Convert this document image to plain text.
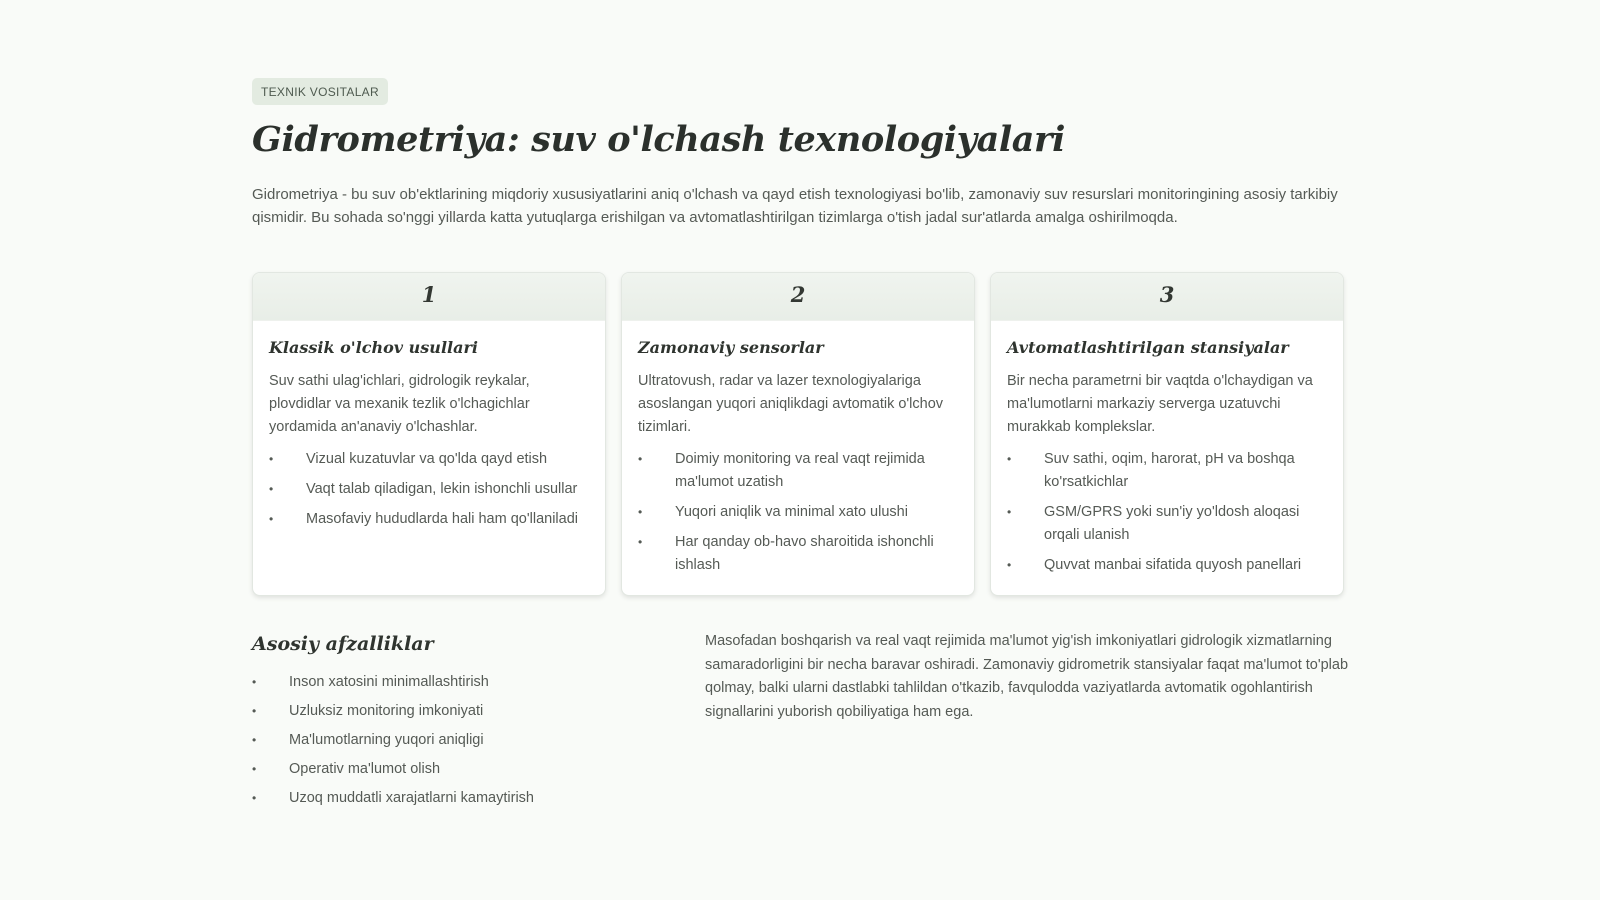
TEXNIK VOSITALAR
Gidrometriya: suv o'lchash texnologiyalari

Gidrometriya - bu suv ob'ektlarining miqdoriy xususiyatlarini aniq o'lchash va qayd etish texnologiyasi bo'lib, zamonaviy suv resurslari monitoringining asosiy tarkibiy qismidir. Bu sohada so'nggi yillarda katta yutuqlarga erishilgan va avtomatlashtirilgan tizimlarga o'tish jadal sur'atlarda amalga oshirilmoqda.

1
Klassik o'lchov usullari
Suv sathi ulag'ichlari, gidrologik reykalar, plovdidlar va mexanik tezlik o'lchagichlar yordamida an'anaviy o'lchashlar.
• Vizual kuzatuvlar va qo'lda qayd etish
• Vaqt talab qiladigan, lekin ishonchli usullar
• Masofaviy hududlarda hali ham qo'llaniladi
2
Zamonaviy sensorlar
Ultratovush, radar va lazer texnologiyalariga asoslangan yuqori aniqlikdagi avtomatik o'lchov tizimlari.
• Doimiy monitoring va real vaqt rejimida ma'lumot uzatish
• Yuqori aniqlik va minimal xato ulushi
• Har qanday ob-havo sharoitida ishonchli ishlash
3
Avtomatlashtirilgan stansiyalar
Bir necha parametrni bir vaqtda o'lchaydigan va ma'lumotlarni markaziy serverga uzatuvchi murakkab komplekslar.
• Suv sathi, oqim, harorat, pH va boshqa ko'rsatkichlar
• GSM/GPRS yoki sun'iy yo'ldosh aloqasi orqali ulanish
• Quvvat manbai sifatida quyosh panellari
Asosiy afzalliklar
• Inson xatosini minimallashtirish
• Uzluksiz monitoring imkoniyati
• Ma'lumotlarning yuqori aniqligi
• Operativ ma'lumot olish
• Uzoq muddatli xarajatlarni kamaytirish

Masofadan boshqarish va real vaqt rejimida ma'lumot yig'ish imkoniyatlari gidrologik xizmatlarning samaradorligini bir necha baravar oshiradi. Zamonaviy gidrometrik stansiyalar faqat ma'lumot to'plab qolmay, balki ularni dastlabki tahlildan o'tkazib, favqulodda vaziyatlarda avtomatik ogohlantirish signallarini yuborish qobiliyatiga ham ega.
